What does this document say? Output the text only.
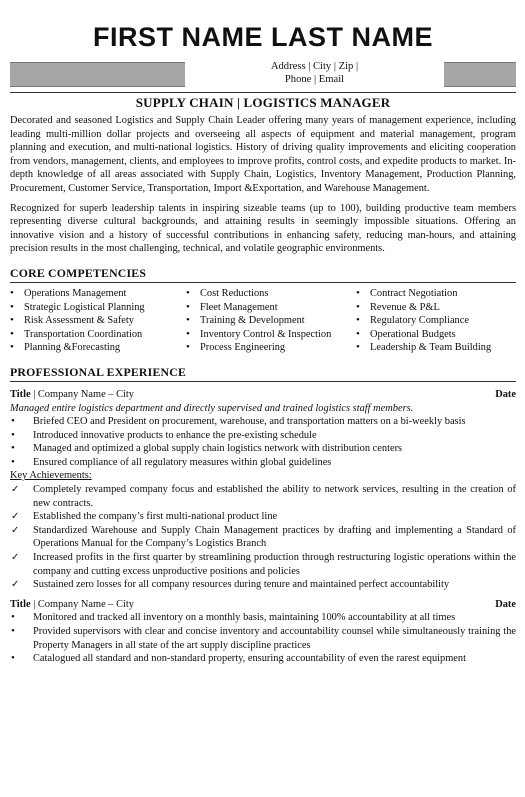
FIRST NAME LAST NAME
Address | City | Zip |
Phone | Email
SUPPLY CHAIN | LOGISTICS MANAGER

Decorated and seasoned Logistics and Supply Chain Leader offering many years of management experience, including leading multi-million dollar projects and overseeing all aspects of equipment and material management, program planning and execution, and multi-national logistics. History of driving quality improvements and eliciting cooperation from vendors, management, clients, and employees to improve profits, control costs, and expedite products to market. In-depth knowledge of all areas associated with Supply Chain, Logistics, Inventory Management, Production Planning, Procurement, Customer Service, Transportation, Import &Exportation, and Warehouse Management.

Recognized for superb leadership talents in inspiring sizeable teams (up to 100), building productive team members representing diverse cultural backgrounds, and attaining results in seemingly impossible situations. Offering an innovative vision and a history of successful contributions in enhancing safety, reducing man-hours, and attaining precision results in the most challenging, technical, and volatile geographic environments.

CORE COMPETENCIES
• Operations Management
• Strategic Logistical Planning
• Risk Assessment & Safety
• Transportation Coordination
• Planning &Forecasting
• Cost Reductions
• Fleet Management
• Training & Development
• Inventory Control & Inspection
• Process Engineering
• Contract Negotiation
• Revenue & P&L
• Regulatory Compliance
• Operational Budgets
• Leadership & Team Building
PROFESSIONAL EXPERIENCE
Title | Company Name – City	Date
Managed entire logistics department and directly supervised and trained logistics staff members.
• Briefed CEO and President on procurement, warehouse, and transportation matters on a bi-weekly basis
• Introduced innovative products to enhance the pre-existing schedule
• Managed and optimized a global supply chain logistics network with distribution centers
• Ensured compliance of all regulatory measures within global guidelines
Key Achievements:
✓ Completely revamped company focus and established the ability to network services, resulting in the creation of new contracts.
✓ Established the company’s first multi-national product line
✓ Standardized Warehouse and Supply Chain Management practices by drafting and implementing a Standard of Operations Manual for the Company’s Logistics Branch
✓ Increased profits in the first quarter by streamlining production through restructuring logistic operations within the company and cutting excess unproductive positions and policies
✓ Sustained zero losses for all company resources during tenure and maintained perfect accountability
Title | Company Name – City	Date
• Monitored and tracked all inventory on a monthly basis, maintaining 100% accountability at all times
• Provided supervisors with clear and concise inventory and accountability counsel while simultaneously training the Property Managers in all state of the art supply discipline practices
• Catalogued all standard and non-standard property, ensuring accountability of even the rarest equipment
